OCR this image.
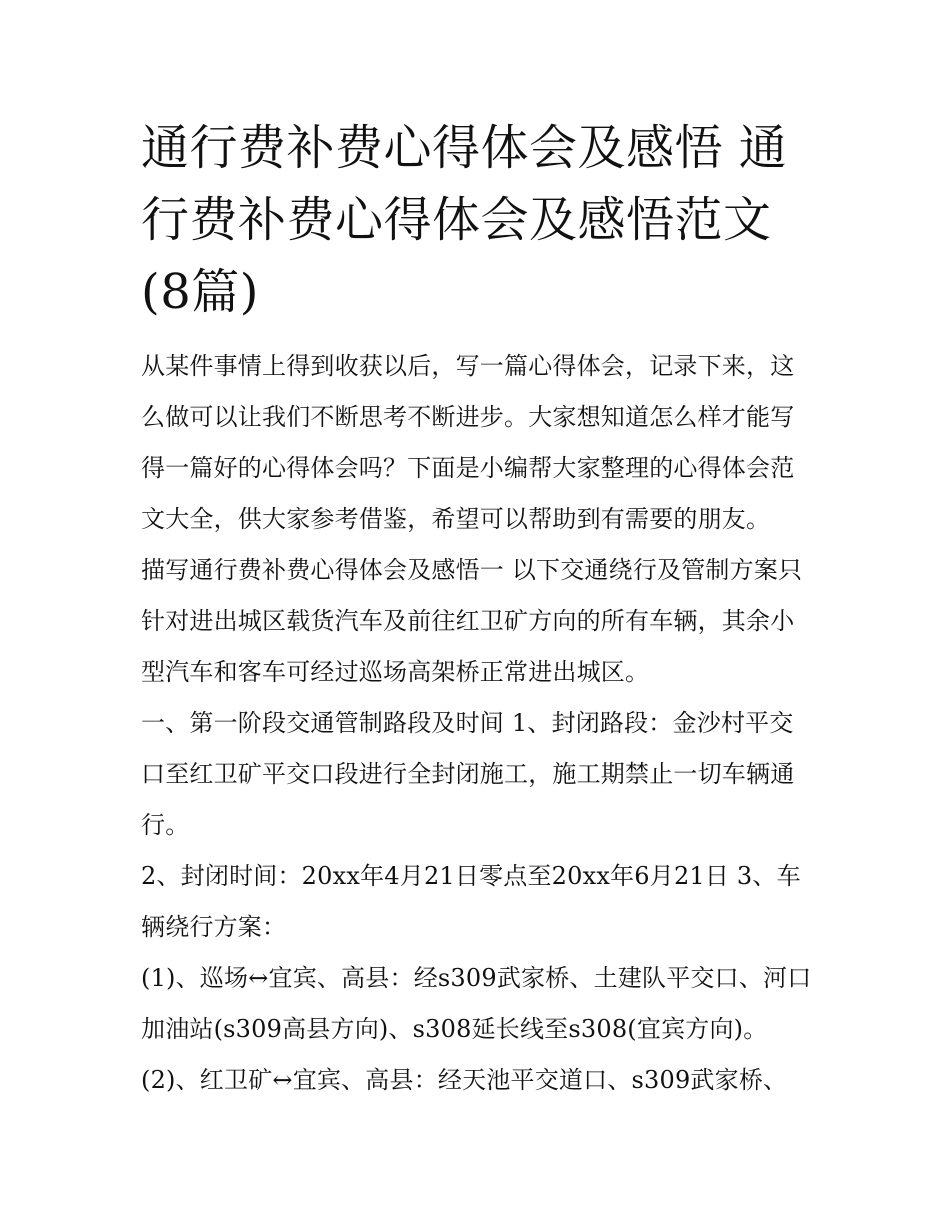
通行费补费心得体会及感悟 通行费补费心得体会及感悟范文(8篇)

从某件事情上得到收获以后，写一篇心得体会，记录下来，这么做可以让我们不断思考不断进步。大家想知道怎么样才能写得一篇好的心得体会吗？下面是小编帮大家整理的心得体会范文大全，供大家参考借鉴，希望可以帮助到有需要的朋友。

描写通行费补费心得体会及感悟一 以下交通绕行及管制方案只针对进出城区载货汽车及前往红卫矿方向的所有车辆，其余小型汽车和客车可经过巡场高架桥正常进出城区。

一、第一阶段交通管制路段及时间 1、封闭路段：金沙村平交口至红卫矿平交口段进行全封闭施工，施工期禁止一切车辆通行。

2、封闭时间：20xx年4月21日零点至20xx年6月21日 3、车辆绕行方案：

(1)、巡场↔宜宾、高县：经s309武家桥、土建队平交口、河口加油站(s309高县方向)、s308延长线至s308(宜宾方向)。

(2)、红卫矿↔宜宾、高县：经天池平交道口、s309武家桥、
